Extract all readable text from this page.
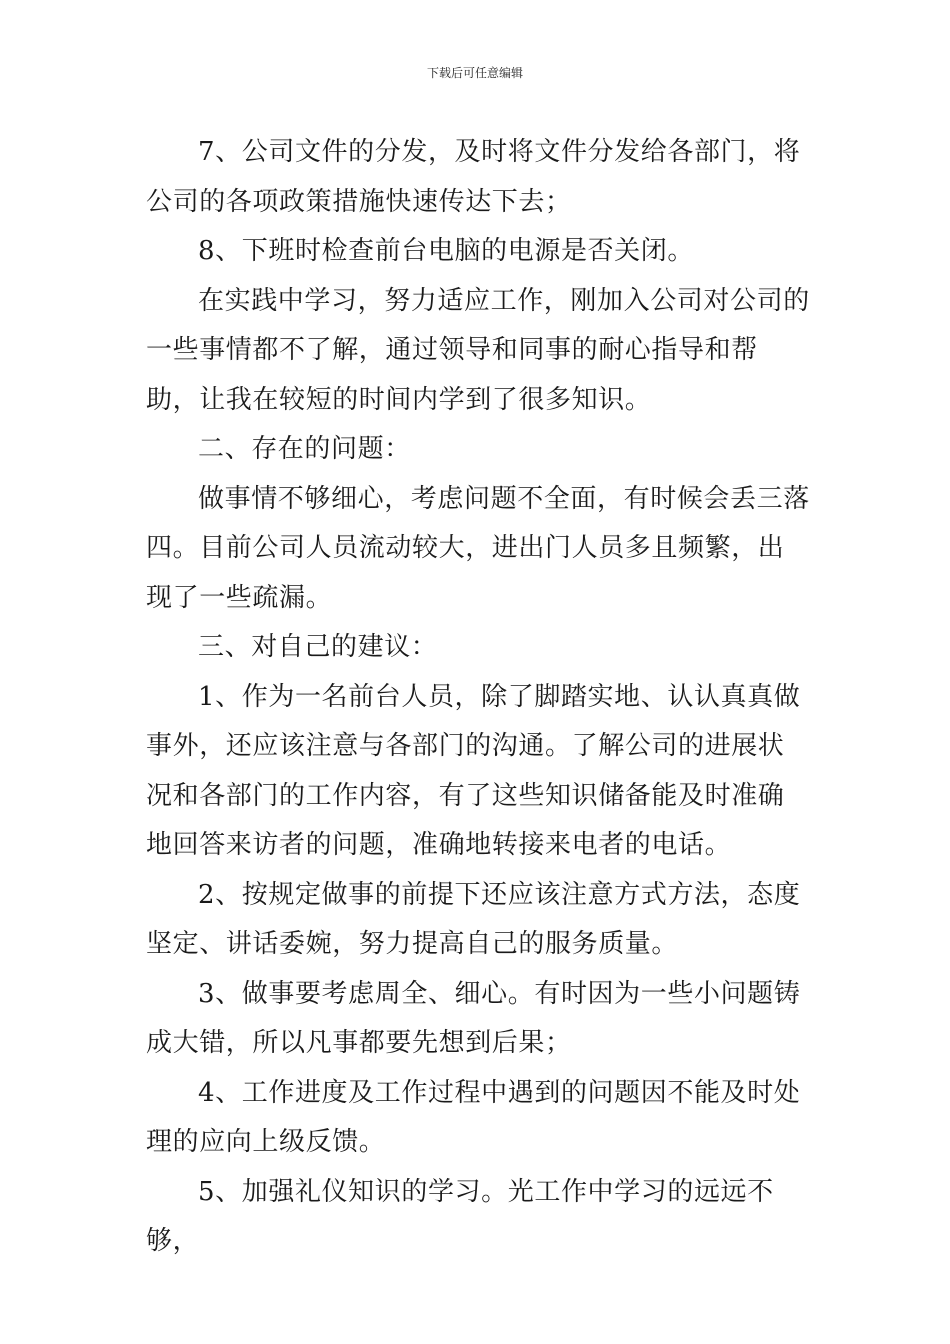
下载后可任意编辑

7、公司文件的分发，及时将文件分发给各部门，将公司的各项政策措施快速传达下去；

8、下班时检查前台电脑的电源是否关闭。

在实践中学习，努力适应工作，刚加入公司对公司的一些事情都不了解，通过领导和同事的耐心指导和帮助，让我在较短的时间内学到了很多知识。

二、存在的问题：

做事情不够细心，考虑问题不全面，有时候会丢三落四。目前公司人员流动较大，进出门人员多且频繁，出现了一些疏漏。

三、对自己的建议：

1、作为一名前台人员，除了脚踏实地、认认真真做事外，还应该注意与各部门的沟通。了解公司的进展状况和各部门的工作内容，有了这些知识储备能及时准确地回答来访者的问题，准确地转接来电者的电话。

2、按规定做事的前提下还应该注意方式方法，态度坚定、讲话委婉，努力提高自己的服务质量。

3、做事要考虑周全、细心。有时因为一些小问题铸成大错，所以凡事都要先想到后果；

4、工作进度及工作过程中遇到的问题因不能及时处理的应向上级反馈。

5、加强礼仪知识的学习。光工作中学习的远远不够，
